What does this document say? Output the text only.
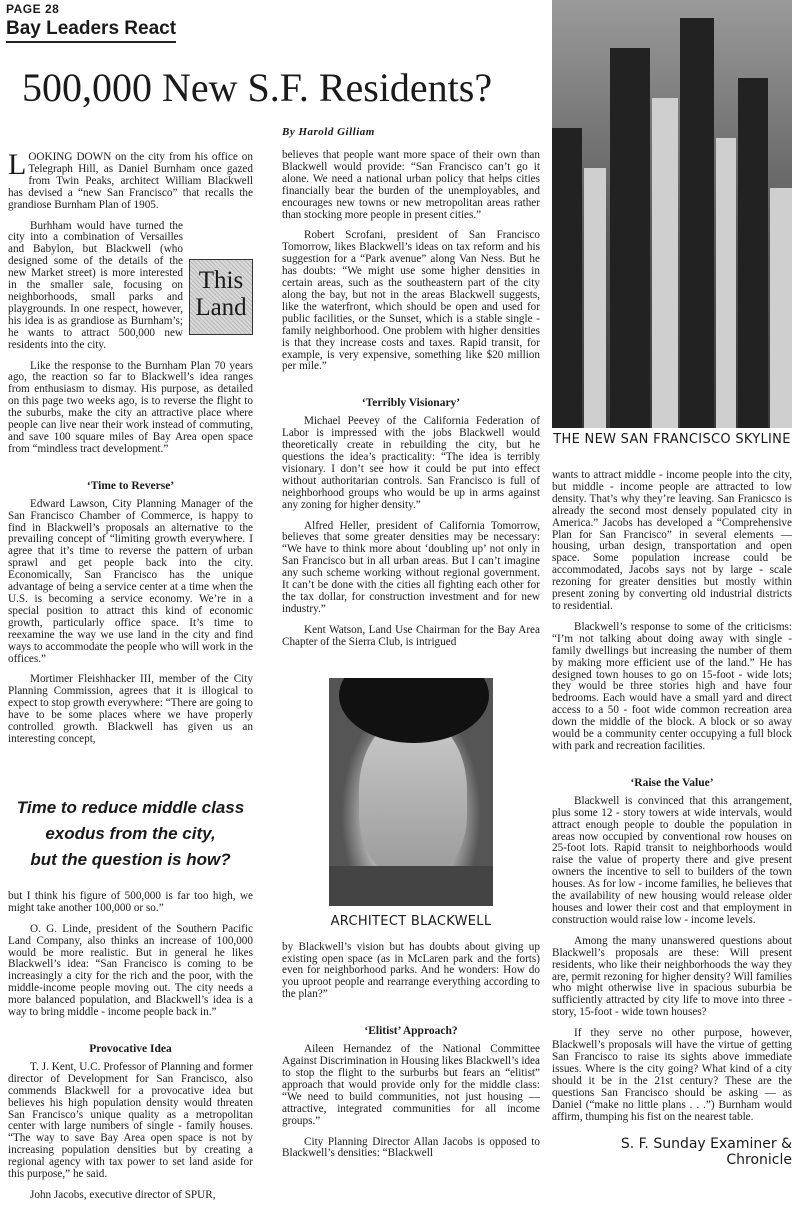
PAGE 28
Bay Leaders React
500,000 New S.F. Residents?
By Harold Gilliam

LOOKING DOWN on the city from his office on Telegraph Hill, as Daniel Burnham once gazed from Twin Peaks, architect William Blackwell has devised a “new San Francisco” that recalls the grandiose Burnham Plan of 1905.

This
Land

Burhham would have turned the city into a combination of Versailles and Babylon, but Blackwell (who designed some of the details of the new Market street) is more interested in the smaller sale, focusing on neighborhoods, small parks and playgrounds. In one respect, however, his idea is as grandiose as Burnham’s; he wants to attract 500,000 new residents into the city.

Like the response to the Burnham Plan 70 years ago, the reaction so far to Blackwell’s idea ranges from enthusiasm to dismay. His purpose, as detailed on this page two weeks ago, is to reverse the flight to the suburbs, make the city an attractive place where people can live near their work instead of commuting, and save 100 square miles of Bay Area open space from “mindless tract development.”

‘Time to Reverse’

Edward Lawson, City Planning Manager of the San Francisco Chamber of Commerce, is happy to find in Blackwell’s proposals an alternative to the prevailing concept of “limiting growth everywhere. I agree that it’s time to reverse the pattern of urban sprawl and get people back into the city. Economically, San Francisco has the unique advantage of being a service center at a time when the U.S. is becoming a service economy. We’re in a special position to attract this kind of economic growth, particularly office space. It’s time to reexamine the way we use land in the city and find ways to accommodate the people who will work in the offices.”

Mortimer Fleishhacker III, member of the City Planning Commission, agrees that it is illogical to expect to stop growth everywhere: “There are going to have to be some places where we have properly controlled growth. Blackwell has given us an interesting concept,

Time to reduce middle class
exodus from the city,
but the question is how?

but I think his figure of 500,000 is far too high, we might take another 100,000 or so.”

O. G. Linde, president of the Southern Pacific Land Company, also thinks an increase of 100,000 would be more realistic. But in general he likes Blackwell’s idea: “San Francisco is coming to be increasingly a city for the rich and the poor, with the middle-income people moving out. The city needs a more balanced population, and Blackwell’s idea is a way to bring middle - income people back in.”

Provocative Idea

T. J. Kent, U.C. Professor of Planning and former director of Development for San Francisco, also commends Blackwell for a provocative idea but believes his high population density would threaten San Francisco’s unique quality as a metropolitan center with large numbers of single - family houses. “The way to save Bay Area open space is not by increasing population densities but by creating a regional agency with tax power to set land aside for this purpose,” he said.

John Jacobs, executive director of SPUR,

believes that people want more space of their own than Blackwell would provide: “San Francisco can’t go it alone. We need a national urban policy that helps cities financially bear the burden of the unemployables, and encourages new towns or new metropolitan areas rather than stocking more people in present cities.”

Robert Scrofani, president of San Francisco Tomorrow, likes Blackwell’s ideas on tax reform and his suggestion for a “Park avenue” along Van Ness. But he has doubts: “We might use some higher densities in certain areas, such as the southeastern part of the city along the bay, but not in the areas Blackwell suggests, like the waterfront, which should be open and used for public facilities, or the Sunset, which is a stable single - family neighborhood. One problem with higher densities is that they increase costs and taxes. Rapid transit, for example, is very expensive, something like $20 million per mile.”

‘Terribly Visionary’

Michael Peevey of the California Federation of Labor is impressed with the jobs Blackwell would theoretically create in rebuilding the city, but he questions the idea’s practicality: “The idea is terribly visionary. I don’t see how it could be put into effect without authoritarian controls. San Francisco is full of neighborhood groups who would be up in arms against any zoning for higher density.”

Alfred Heller, president of California Tomorrow, believes that some greater densities may be necessary: “We have to think more about ‘doubling up’ not only in San Francisco but in all urban areas. But I can’t imagine any such scheme working without regional government. It can’t be done with the cities all fighting each other for the tax dollar, for construction investment and for new industry.”

Kent Watson, Land Use Chairman for the Bay Area Chapter of the Sierra Club, is intrigued

ARCHITECT BLACKWELL

by Blackwell’s vision but has doubts about giving up existing open space (as in McLaren park and the forts) even for neighborhood parks. And he wonders: How do you uproot people and rearrange everything according to the plan?”

‘Elitist’ Approach?

Aileen Hernandez of the National Committee Against Discrimination in Housing likes Blackwell’s idea to stop the flight to the surburbs but fears an “elitist” approach that would provide only for the middle class: “We need to build communities, not just housing — attractive, integrated communities for all income groups.”

City Planning Director Allan Jacobs is opposed to Blackwell’s densities: “Blackwell

THE NEW SAN FRANCISCO SKYLINE

wants to attract middle - income people into the city, but middle - income people are attracted to low density. That’s why they’re leaving. San Franicsco is already the second most densely populated city in America.” Jacobs has developed a “Comprehensive Plan for San Francisco” in several elements — housing, urban design, transportation and open space. Some population increase could be accommodated, Jacobs says not by large - scale rezoning for greater densities but mostly within present zoning by converting old industrial districts to residential.

Blackwell’s response to some of the criticisms: “I’m not talking about doing away with single - family dwellings but increasing the number of them by making more efficient use of the land.” He has designed town houses to go on 15-foot - wide lots; they would be three stories high and have four bedrooms. Each would have a small yard and direct access to a 50 - foot wide common recreation area down the middle of the block. A block or so away would be a community center occupying a full block with park and recreation facilities.

‘Raise the Value’

Blackwell is convinced that this arrangement, plus some 12 - story towers at wide intervals, would attract enough people to double the population in areas now occupied by conventional row houses on 25-foot lots. Rapid transit to neighborhoods would raise the value of property there and give present owners the incentive to sell to builders of the town houses. As for low - income families, he believes that the availability of new housing would release older houses and lower their cost and that employment in construction would raise low - income levels.

Among the many unanswered questions about Blackwell’s proposals are these: Will present residents, who like their neighborhoods the way they are, permit rezoning for higher density? Will families who might otherwise live in spacious suburbia be sufficiently attracted by city life to move into three - story, 15-foot - wide town houses?

If they serve no other purpose, however, Blackwell’s proposals will have the virtue of getting San Francisco to raise its sights above immediate issues. Where is the city going? What kind of a city should it be in the 21st century? These are the questions San Francisco should be asking — as Daniel (“make no little plans . . .”) Burnham would affirm, thumping his fist on the nearest table.

S. F. Sunday Examiner & Chronicle
